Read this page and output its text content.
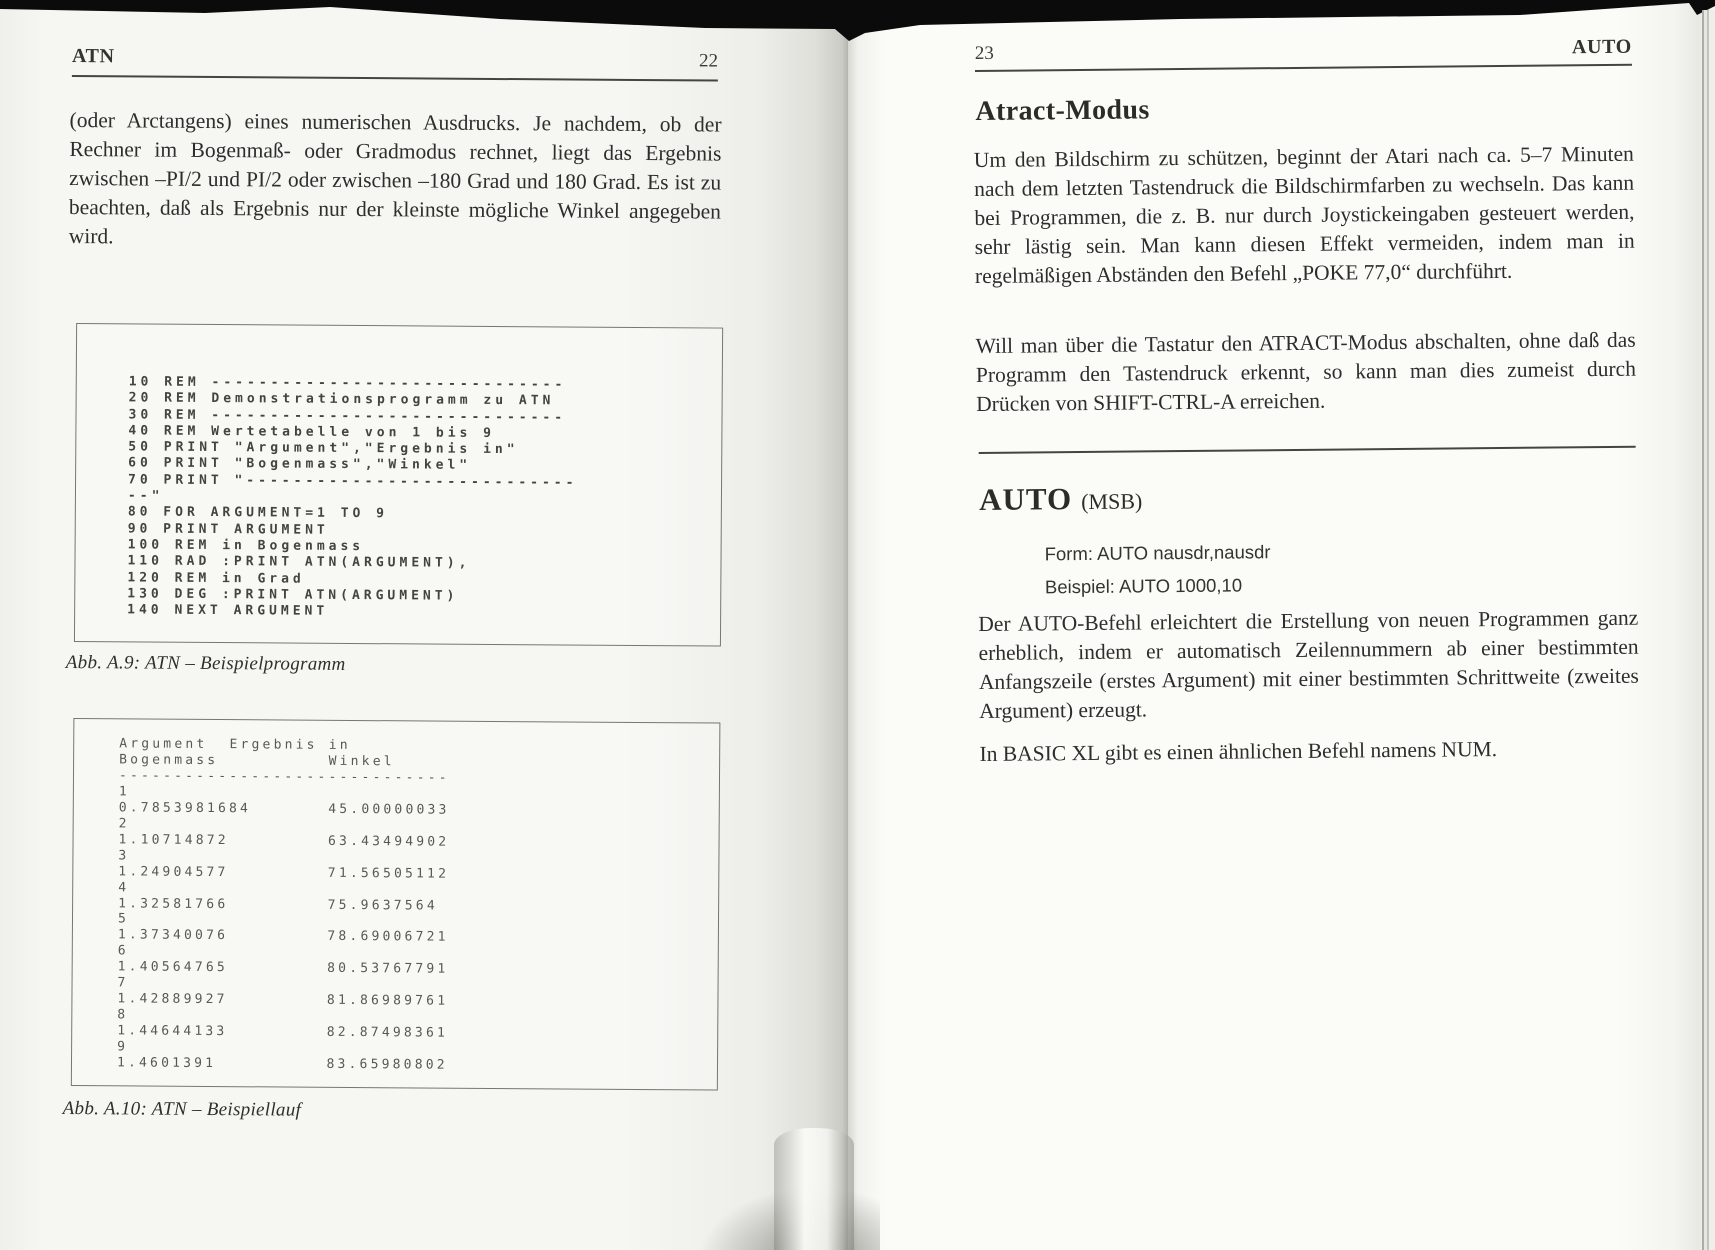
ATN	22

(oder Arctangens) eines numerischen Ausdrucks. Je nachdem, ob der Rechner im Bogenmaß- oder Gradmodus rechnet, liegt das Ergebnis zwischen –PI/2 und PI/2 oder zwischen –180 Grad und 180 Grad. Es ist zu beachten, daß als Ergebnis nur der kleinste mögliche Winkel angegeben wird.

10 REM ------------------------------
20 REM Demonstrationsprogramm zu ATN
30 REM ------------------------------
40 REM Wertetabelle von 1 bis 9
50 PRINT "Argument","Ergebnis in"
60 PRINT "Bogenmass","Winkel"
70 PRINT "----------------------------
--"
80 FOR ARGUMENT=1 TO 9
90 PRINT ARGUMENT
100 REM in Bogenmass
110 RAD :PRINT ATN(ARGUMENT),
120 REM in Grad
130 DEG :PRINT ATN(ARGUMENT)
140 NEXT ARGUMENT
Abb. A.9: ATN – Beispielprogramm
Argument  Ergebnis in
Bogenmass          Winkel
------------------------------
1
0.7853981684       45.00000033
2
1.10714872         63.43494902
3
1.24904577         71.56505112
4
1.32581766         75.9637564
5
1.37340076         78.69006721
6
1.40564765         80.53767791
7
1.42889927         81.86989761
8
1.44644133         82.87498361
9
1.4601391          83.65980802
Abb. A.10: ATN – Beispiellauf
23	AUTO
Atract-Modus

Um den Bildschirm zu schützen, beginnt der Atari nach ca. 5–7 Minuten nach dem letzten Tastendruck die Bildschirmfarben zu wechseln. Das kann bei Programmen, die z. B. nur durch Joystickeingaben gesteuert werden, sehr lästig sein. Man kann diesen Effekt vermeiden, indem man in regelmäßigen Abständen den Befehl „POKE 77,0“ durchführt.

Will man über die Tastatur den ATRACT-Modus abschalten, ohne daß das Programm den Tastendruck erkennt, so kann man dies zumeist durch Drücken von SHIFT-CTRL-A erreichen.

AUTO (MSB)
Form: AUTO nausdr,nausdr
Beispiel: AUTO 1000,10

Der AUTO-Befehl erleichtert die Erstellung von neuen Programmen ganz erheblich, indem er automatisch Zeilennummern ab einer bestimmten Anfangszeile (erstes Argument) mit einer bestimmten Schrittweite (zweites Argument) erzeugt.

In BASIC XL gibt es einen ähnlichen Befehl namens NUM.
